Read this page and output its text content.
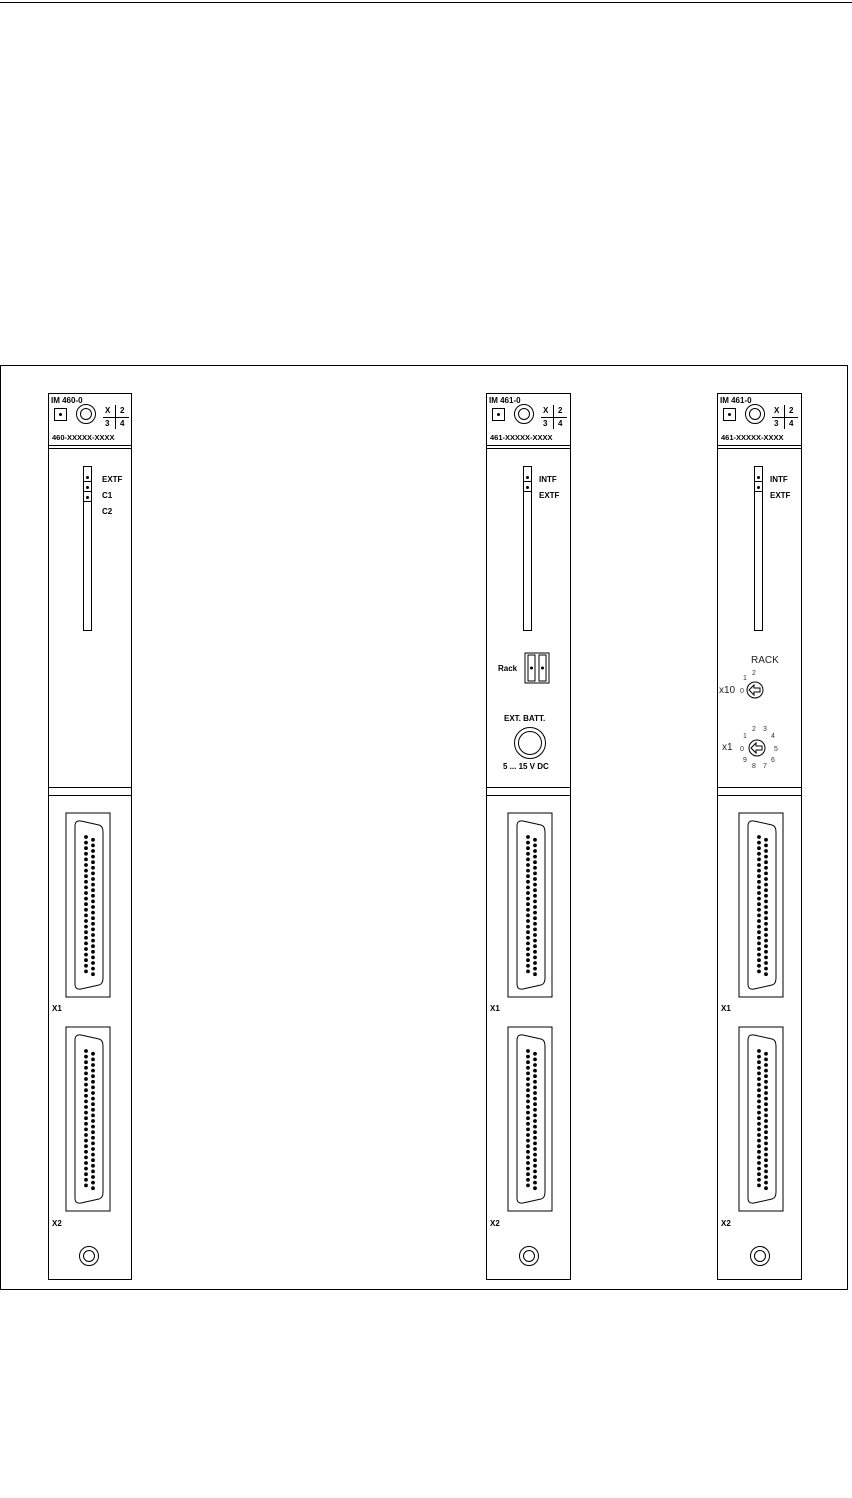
IM 460-0
X 2
3 4
460-XXXXX-XXXX
EXTF
C1
C2
X1
X2
IM 461-0
X 2
3 4
461-XXXXX-XXXX
INTF
EXTF
Rack
EXT. BATT.
5 ... 15 V DC
X1
X2
IM 461-0
X 2
3 4
461-XXXXX-XXXX
INTF
EXTF
RACK
x10 0
1
2
x1 0
1
2 3
4
5
6
7
8
9
X1
X2
